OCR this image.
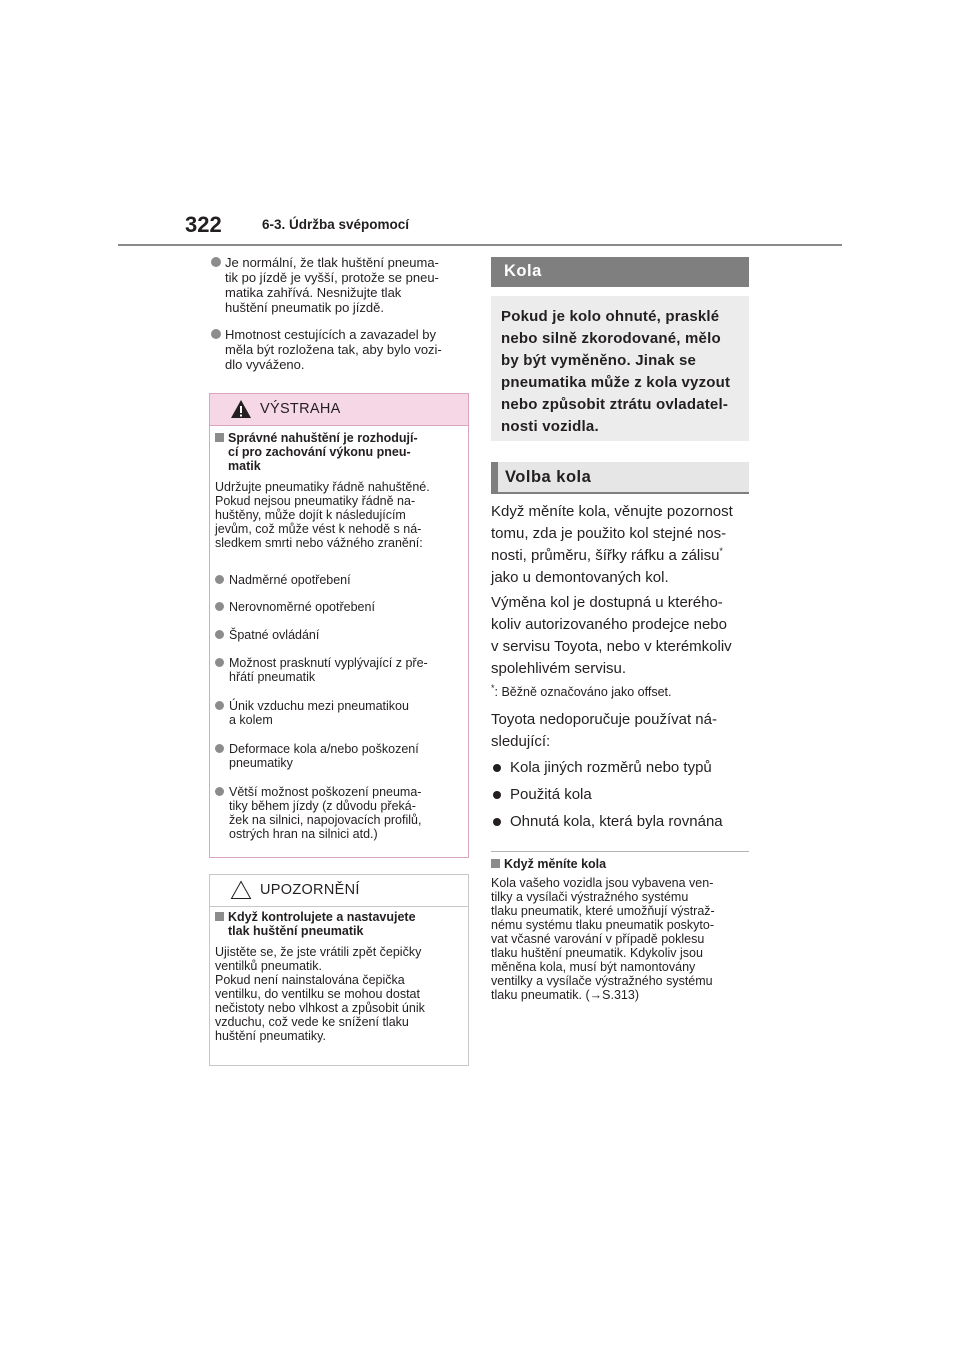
322	6-3. Údržba svépomocí
Je normální, že tlak huštění pneuma-
tik po jízdě je vyšší, protože se pneu-
matika zahřívá. Nesnižujte tlak
huštění pneumatik po jízdě.
Hmotnost cestujících a zavazadel by
měla být rozložena tak, aby bylo vozi-
dlo vyváženo.
VÝSTRAHA
Správné nahuštění je rozhodují-
cí pro zachování výkonu pneu-
matik
Udržujte pneumatiky řádně nahuštěné.
Pokud nejsou pneumatiky řádně na-
huštěny, může dojít k následujícím
jevům, což může vést k nehodě s ná-
sledkem smrti nebo vážného zranění:
Nadměrné opotřebení
Nerovnoměrné opotřebení
Špatné ovládání
Možnost prasknutí vyplývající z pře-
hřátí pneumatik
Únik vzduchu mezi pneumatikou
a kolem
Deformace kola a/nebo poškození
pneumatiky
Větší možnost poškození pneuma-
tiky během jízdy (z důvodu překá-
žek na silnici, napojovacích profilů,
ostrých hran na silnici atd.)
UPOZORNĚNÍ
Když kontrolujete a nastavujete
tlak huštění pneumatik
Ujistěte se, že jste vrátili zpět čepičky
ventilků pneumatik.
Pokud není nainstalována čepička
ventilku, do ventilku se mohou dostat
nečistoty nebo vlhkost a způsobit únik
vzduchu, což vede ke snížení tlaku
huštění pneumatiky.
Kola
Pokud je kolo ohnuté, prasklé
nebo silně zkorodované, mělo
by být vyměněno. Jinak se
pneumatika může z kola vyzout
nebo způsobit ztrátu ovladatel-
nosti vozidla.
Volba kola
Když měníte kola, věnujte pozornost
tomu, zda je použito kol stejné nos-
nosti, průměru, šířky ráfku a zálisu*
jako u demontovaných kol.
Výměna kol je dostupná u kterého-
koliv autorizovaného prodejce nebo
v servisu Toyota, nebo v kterémkoliv
spolehlivém servisu.
*: Běžně označováno jako offset.
Toyota nedoporučuje používat ná-
sledující:
Kola jiných rozměrů nebo typů
Použitá kola
Ohnutá kola, která byla rovnána
Když měníte kola
Kola vašeho vozidla jsou vybavena ven-
tilky a vysílači výstražného systému
tlaku pneumatik, které umožňují výstraž-
nému systému tlaku pneumatik poskyto-
vat včasné varování v případě poklesu
tlaku huštění pneumatik. Kdykoliv jsou
měněna kola, musí být namontovány
ventilky a vysílače výstražného systému
tlaku pneumatik. (→S.313)
